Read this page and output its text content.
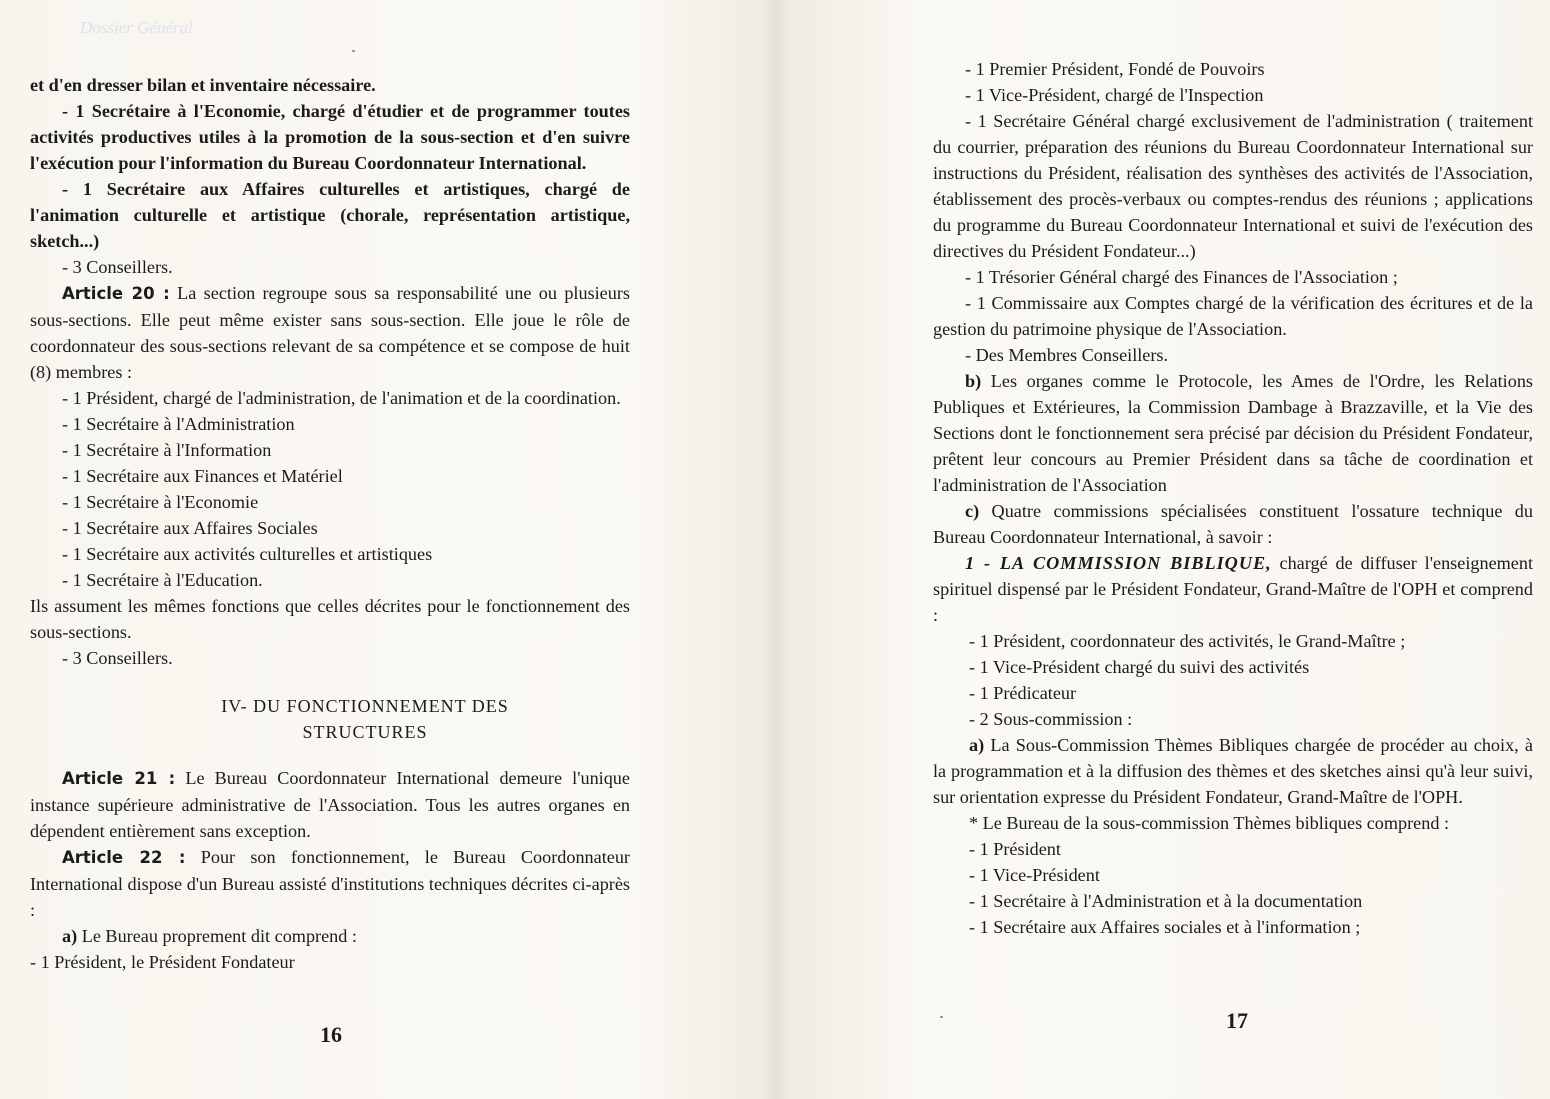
Dossier Général

et d'en dresser bilan et inventaire nécessaire.

- 1 Secrétaire à l'Economie, chargé d'étudier et de programmer toutes activités productives utiles à la promotion de la sous-section et d'en suivre l'exécution pour l'information du Bureau Coordonnateur International.

- 1 Secrétaire aux Affaires culturelles et artistiques, chargé de l'animation culturelle et artistique (chorale, représentation artistique, sketch...)

- 3 Conseillers.

Article 20 : La section regroupe sous sa responsabilité une ou plusieurs sous-sections. Elle peut même exister sans sous-section. Elle joue le rôle de coordonnateur des sous-sections relevant de sa compétence et se compose de huit (8) membres :

- 1 Président, chargé de l'administration, de l'animation et de la coordination.

- 1 Secrétaire à l'Administration

- 1 Secrétaire à l'Information

- 1 Secrétaire aux Finances et Matériel

- 1 Secrétaire à l'Economie

- 1 Secrétaire aux Affaires Sociales

- 1 Secrétaire aux activités culturelles et artistiques

- 1 Secrétaire à l'Education.

Ils assument les mêmes fonctions que celles décrites pour le fonctionnement des sous-sections.

- 3 Conseillers.

IV- DU FONCTIONNEMENT DES
STRUCTURES

Article 21 : Le Bureau Coordonnateur International demeure l'unique instance supérieure administrative de l'Association. Tous les autres organes en dépendent entièrement sans exception.

Article 22 : Pour son fonctionnement, le Bureau Coordonnateur International dispose d'un Bureau assisté d'institutions techniques décrites ci-après :

a) Le Bureau proprement dit comprend :

- 1 Président, le Président Fondateur

16

- 1 Premier Président, Fondé de Pouvoirs

- 1 Vice-Président, chargé de l'Inspection

- 1 Secrétaire Général chargé exclusivement de l'administration ( traitement du courrier, préparation des réunions du Bureau Coordonnateur International sur instructions du Président, réalisation des synthèses des activités de l'Association, établissement des procès-verbaux ou comptes-rendus des réunions ; applications du programme du Bureau Coordonnateur International et suivi de l'exécution des directives du Président Fondateur...)

- 1 Trésorier Général chargé des Finances de l'Association ;

- 1 Commissaire aux Comptes chargé de la vérification des écritures et de la gestion du patrimoine physique de l'Association.

- Des Membres Conseillers.

b) Les organes comme le Protocole, les Ames de l'Ordre, les Relations Publiques et Extérieures, la Commission Dambage à Brazzaville, et la Vie des Sections dont le fonctionnement sera précisé par décision du Président Fondateur, prêtent leur concours au Premier Président dans sa tâche de coordination et l'administration de l'Association

c) Quatre commissions spécialisées constituent l'ossature technique du Bureau Coordonnateur International, à savoir :

1 - LA COMMISSION BIBLIQUE, chargé de diffuser l'enseignement spirituel dispensé par le Président Fondateur, Grand-Maître de l'OPH et comprend :

- 1 Président, coordonnateur des activités, le Grand-Maître ;

- 1 Vice-Président chargé du suivi des activités

- 1 Prédicateur

- 2 Sous-commission :

a) La Sous-Commission Thèmes Bibliques chargée de procéder au choix, à la programmation et à la diffusion des thèmes et des sketches ainsi qu'à leur suivi, sur orientation expresse du Président Fondateur, Grand-Maître de l'OPH.

* Le Bureau de la sous-commission Thèmes bibliques comprend :

- 1 Président

- 1 Vice-Président

- 1 Secrétaire à l'Administration et à la documentation

- 1 Secrétaire aux Affaires sociales et à l'information ;

17
